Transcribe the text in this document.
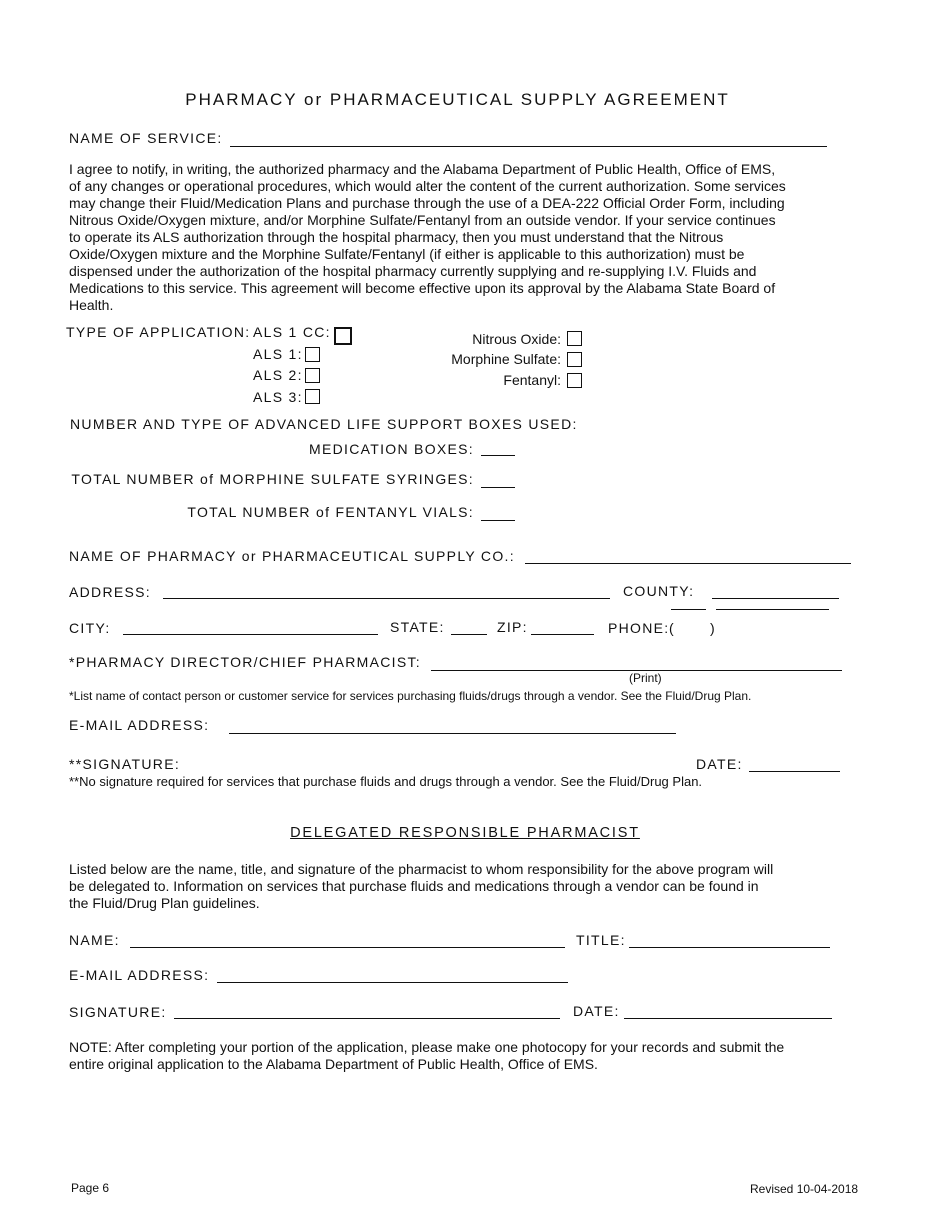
PHARMACY or PHARMACEUTICAL SUPPLY AGREEMENT
NAME OF SERVICE:
I agree to notify, in writing, the authorized pharmacy and the Alabama Department of Public Health, Office of EMS,
of any changes or operational procedures, which would alter the content of the current authorization. Some services
may change their Fluid/Medication Plans and purchase through the use of a DEA-222 Official Order Form, including
Nitrous Oxide/Oxygen mixture, and/or Morphine Sulfate/Fentanyl from an outside vendor. If your service continues
to operate its ALS authorization through the hospital pharmacy, then you must understand that the Nitrous
Oxide/Oxygen mixture and the Morphine Sulfate/Fentanyl (if either is applicable to this authorization) must be
dispensed under the authorization of the hospital pharmacy currently supplying and re-supplying I.V. Fluids and
Medications to this service. This agreement will become effective upon its approval by the Alabama State Board of
Health.
TYPE OF APPLICATION: ALS 1 CC:
ALS 1:
ALS 2:
ALS 3:
Nitrous Oxide:
Morphine Sulfate:
Fentanyl:
NUMBER AND TYPE OF ADVANCED LIFE SUPPORT BOXES USED:
MEDICATION BOXES:
TOTAL NUMBER of MORPHINE SULFATE SYRINGES:
TOTAL NUMBER of FENTANYL VIALS:
NAME OF PHARMACY or PHARMACEUTICAL SUPPLY CO.:
ADDRESS:	COUNTY:
CITY:	STATE:	ZIP:	PHONE: (	)
*PHARMACY DIRECTOR/CHIEF PHARMACIST:
(Print)
*List name of contact person or customer service for services purchasing fluids/drugs through a vendor. See the Fluid/Drug Plan.
E-MAIL ADDRESS:
**SIGNATURE:	DATE:
**No signature required for services that purchase fluids and drugs through a vendor. See the Fluid/Drug Plan.
DELEGATED RESPONSIBLE PHARMACIST
Listed below are the name, title, and signature of the pharmacist to whom responsibility for the above program will
be delegated to. Information on services that purchase fluids and medications through a vendor can be found in
the Fluid/Drug Plan guidelines.
NAME:	TITLE:
E-MAIL ADDRESS:
SIGNATURE:	DATE:
NOTE: After completing your portion of the application, please make one photocopy for your records and submit the
entire original application to the Alabama Department of Public Health, Office of EMS.
Page 6	Revised 10-04-2018
